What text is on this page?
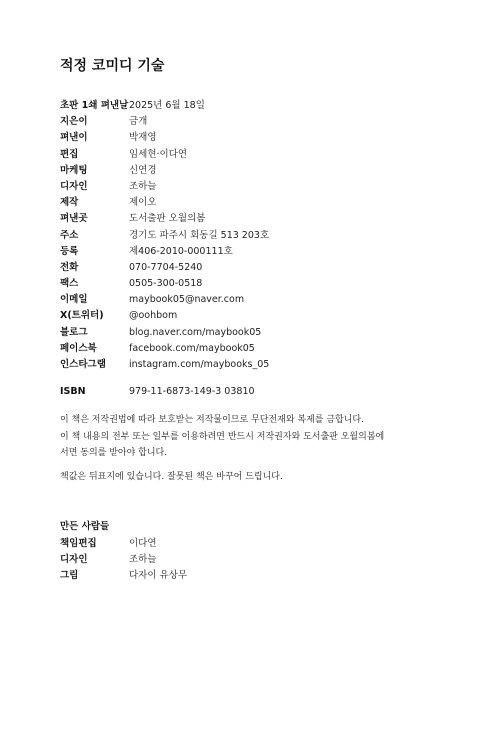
적정 코미디 기술
초판 1쇄 펴낸날 2025년 6월 18일
지은이	금개
펴낸이	박재영
편집	임세현·이다연
마케팅	신연경
디자인	조하늘
제작	제이오
펴낸곳	도서출판 오월의봄
주소	경기도 파주시 회동길 513 203호
등록	제406-2010-000111호
전화	070-7704-5240
팩스	0505-300-0518
이메일	maybook05@naver.com
X(트위터)	@oohbom
블로그	blog.naver.com/maybook05
페이스북	facebook.com/maybook05
인스타그램	instagram.com/maybooks_05
ISBN	979-11-6873-149-3 03810

이 책은 저작권법에 따라 보호받는 저작물이므로 무단전재와 복제를 금합니다.

이 책 내용의 전부 또는 일부를 이용하려면 반드시 저작권자와 도서출판 오월의봄에

서면 동의를 받아야 합니다.

책값은 뒤표지에 있습니다. 잘못된 책은 바꾸어 드립니다.
만든 사람들
책임편집	이다연
디자인	조하늘
그림	다자이 유상무
